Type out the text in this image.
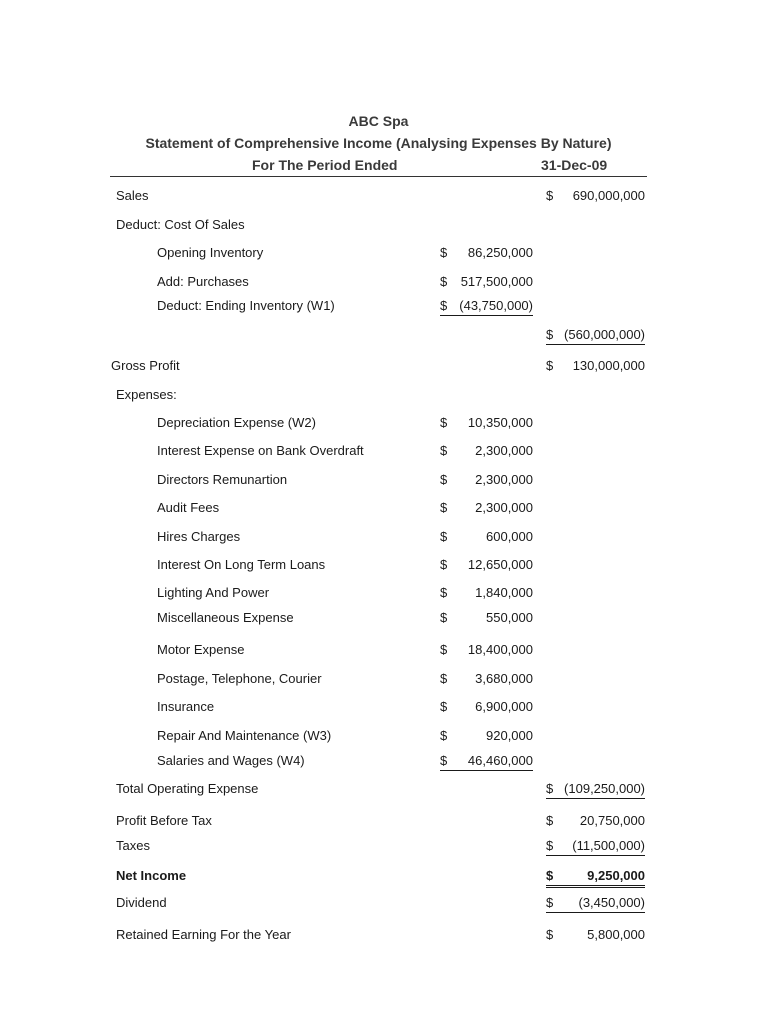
ABC Spa
Statement of Comprehensive Income (Analysing Expenses By Nature)
For The Period Ended	31-Dec-09
Sales	$ 690,000,000
Deduct: Cost Of Sales
Opening Inventory	$ 86,250,000
Add: Purchases	$ 517,500,000
Deduct: Ending Inventory (W1)	$ (43,750,000)
$ (560,000,000)
Gross Profit	$ 130,000,000
Expenses:
Depreciation Expense (W2)	$ 10,350,000
Interest Expense on Bank Overdraft	$ 2,300,000
Directors Remunartion	$ 2,300,000
Audit Fees	$ 2,300,000
Hires Charges	$	600,000
Interest On Long Term Loans	$ 12,650,000
Lighting And Power	$ 1,840,000
Miscellaneous Expense	$	550,000
Motor Expense	$ 18,400,000
Postage, Telephone, Courier	$ 3,680,000
Insurance	$ 6,900,000
Repair And Maintenance (W3)	$	920,000
Salaries and Wages (W4)	$ 46,460,000
Total Operating Expense	$ (109,250,000)
Profit Before Tax	$ 20,750,000
Taxes	$ (11,500,000)
Net Income	$	9,250,000
Dividend	$ (3,450,000)
Retained Earning For the Year	$	5,800,000
